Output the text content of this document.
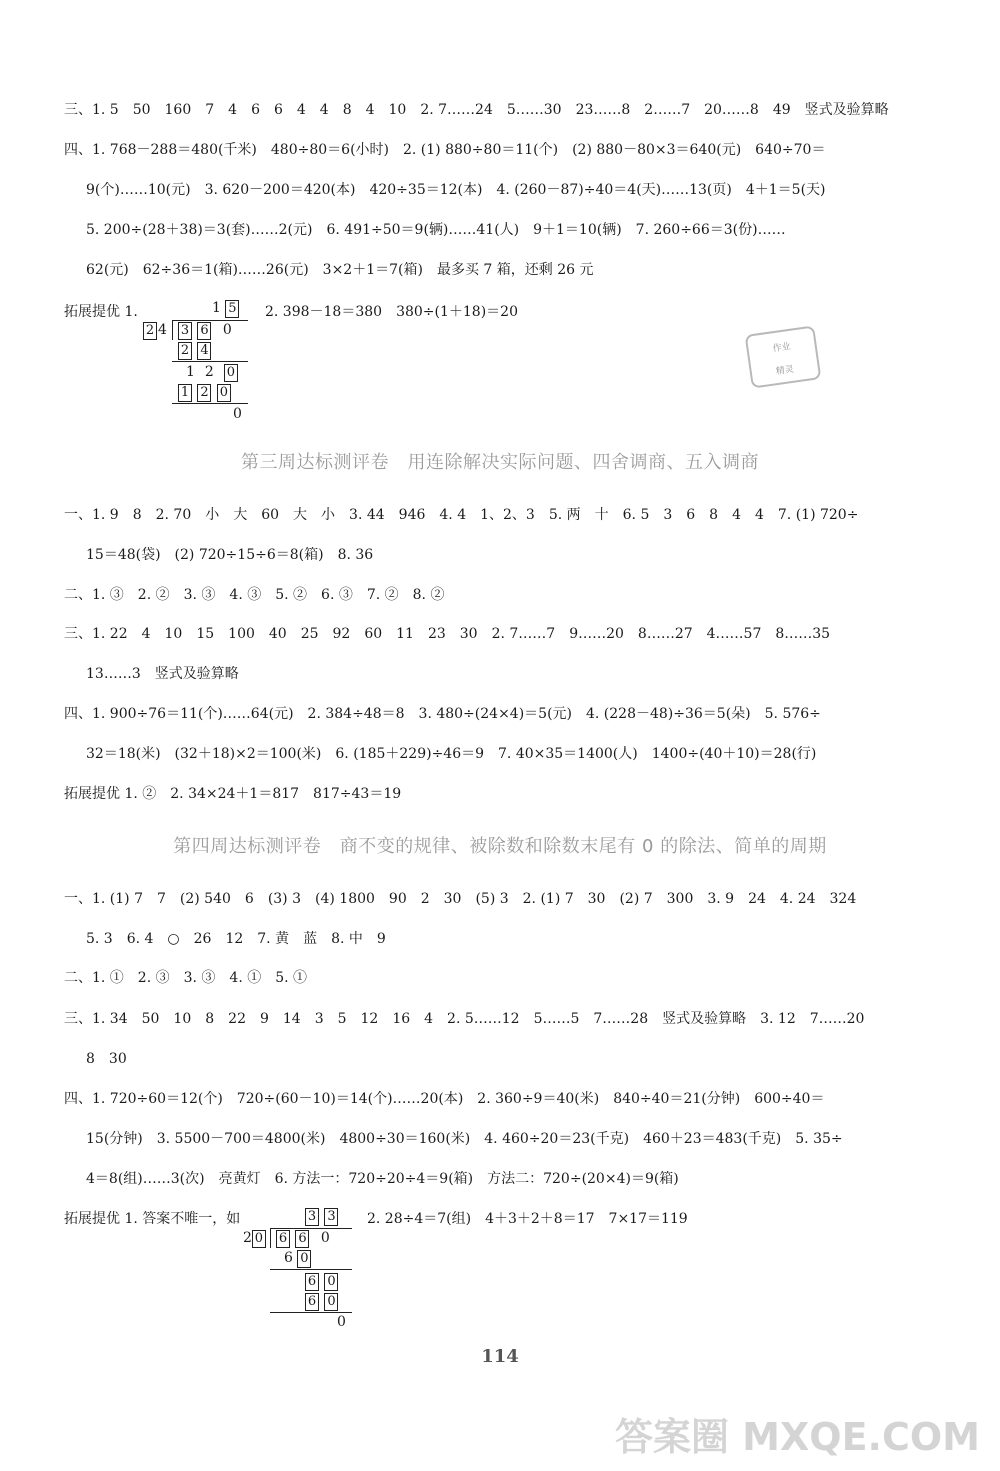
三、1. 5　50　160　7　4　6　6　4　4　8　4　10　2. 7……24　5……30　23……8　2……7　20……8　49　竖式及验算略
四、1. 768－288＝480(千米)　480÷80＝6(小时)　2. (1) 880÷80＝11(个)　(2) 880－80×3＝640(元)　640÷70＝
9(个)……10(元)　3. 620－200＝420(本)　420÷35＝12(本)　4. (260－87)÷40＝4(天)……13(页)　4＋1＝5(天)
5. 200÷(28＋38)＝3(套)……2(元)　6. 491÷50＝9(辆)……41(人)　9＋1＝10(辆)　7. 260÷66＝3(份)……
62(元)　62÷36＝1(箱)……26(元)　3×2＋1＝7(箱)　最多买 7 箱，还剩 26 元
拓展提优 1.	2. 398－18＝380　380÷(1＋18)＝20
1 5
2 4 3 6 0
2 4
12 0
1 2 0
0
作业
精灵
第三周达标测评卷　用连除解决实际问题、四舍调商、五入调商
一、1. 9　8　2. 70　小　大　60　大　小　3. 44　946　4. 4　1、2、3　5. 两　十　6. 5　3　6　8　4　4　7. (1) 720÷
15＝48(袋)　(2) 720÷15÷6＝8(箱)　8. 36
二、1. ③　2. ②　3. ③　4. ③　5. ②　6. ③　7. ②　8. ②
三、1. 22　4　10　15　100　40　25　92　60　11　23　30　2. 7……7　9……20　8……27　4……57　8……35
13……3　竖式及验算略
四、1. 900÷76＝11(个)……64(元)　2. 384÷48＝8　3. 480÷(24×4)＝5(元)　4. (228－48)÷36＝5(朵)　5. 576÷
32＝18(米)　(32＋18)×2＝100(米)　6. (185＋229)÷46＝9　7. 40×35＝1400(人)　1400÷(40＋10)＝28(行)
拓展提优 1. ②　2. 34×24＋1＝817　817÷43＝19
第四周达标测评卷　商不变的规律、被除数和除数末尾有 0 的除法、简单的周期
一、1. (1) 7　7　(2) 540　6　(3) 3　(4) 1800　90　2　30　(5) 3　2. (1) 7　30　(2) 7　300　3. 9　24　4. 24　324
5. 3　6. 4　○　26　12　7. 黄　蓝　8. 中　9
二、1. ①　2. ③　3. ③　4. ①　5. ①
三、1. 34　50　10　8　22　9　14　3　5　12　16　4　2. 5……12　5……5　7……28　竖式及验算略　3. 12　7……20
8　30
四、1. 720÷60＝12(个)　720÷(60－10)＝14(个)……20(本)　2. 360÷9＝40(米)　840÷40＝21(分钟)　600÷40＝
15(分钟)　3. 5500－700＝4800(米)　4800÷30＝160(米)　4. 460÷20＝23(千克)　460＋23＝483(千克)　5. 35÷
4＝8(组)……3(次)　亮黄灯　6. 方法一：720÷20÷4＝9(箱)　方法二：720÷(20×4)＝9(箱)
拓展提优 1. 答案不唯一，如	2. 28÷4＝7(组)　4＋3＋2＋8＝17　7×17＝119
3 3
2 0 6 6 0
6 0
6 0
6 0
0
114
答案圈 MXQE.COM
